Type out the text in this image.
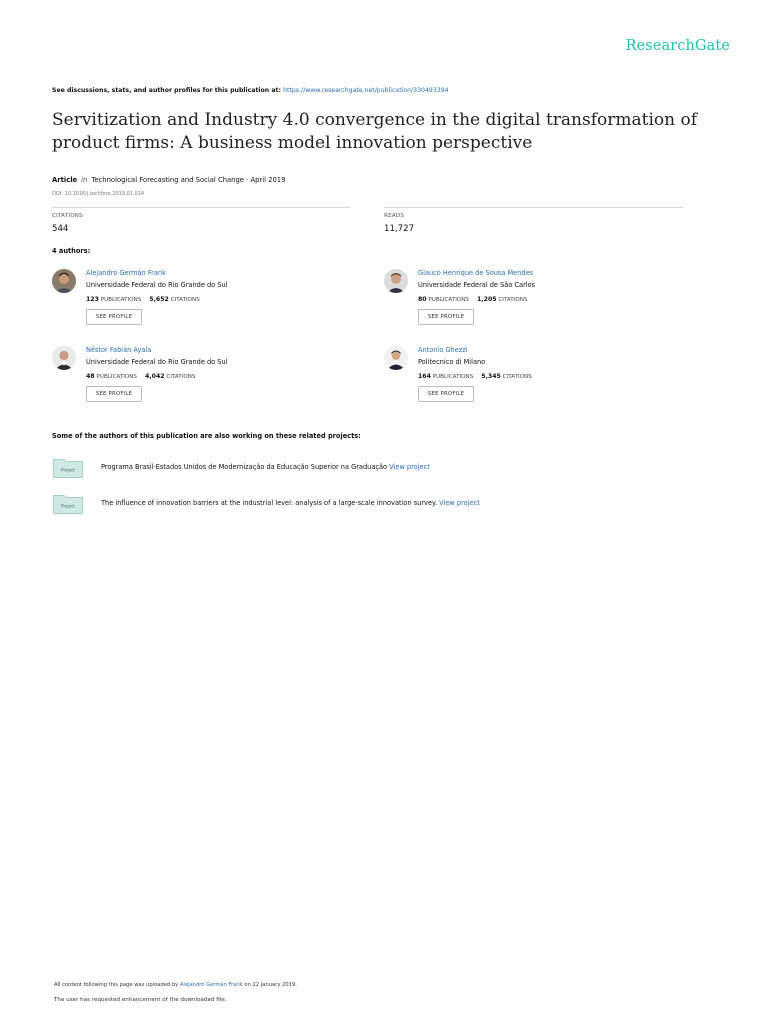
ResearchGate
See discussions, stats, and author profiles for this publication at: https://www.researchgate.net/publication/330493394
Servitization and Industry 4.0 convergence in the digital transformation of product firms: A business model innovation perspective
Article in Technological Forecasting and Social Change · April 2019
DOI: 10.1016/j.techfore.2019.01.014
CITATIONS
544
READS
11,727
4 authors:
Alejandro Germán Frank
Universidade Federal do Rio Grande do Sul
123 PUBLICATIONS 5,652 CITATIONS
SEE PROFILE
Glauco Henrique de Sousa Mendes
Universidade Federal de São Carlos
80 PUBLICATIONS 1,205 CITATIONS
SEE PROFILE
Néstor Fabián Ayala
Universidade Federal do Rio Grande do Sul
48 PUBLICATIONS 4,042 CITATIONS
SEE PROFILE
Antonio Ghezzi
Politecnico di Milano
164 PUBLICATIONS 5,345 CITATIONS
SEE PROFILE
Some of the authors of this publication are also working on these related projects:
Project	Programa Brasil-Estados Unidos de Modernização da Educação Superior na Graduação View project
Project	The influence of innovation barriers at the industrial level: analysis of a large-scale innovation survey. View project
All content following this page was uploaded by Alejandro Germán Frank on 22 January 2019.
The user has requested enhancement of the downloaded file.
